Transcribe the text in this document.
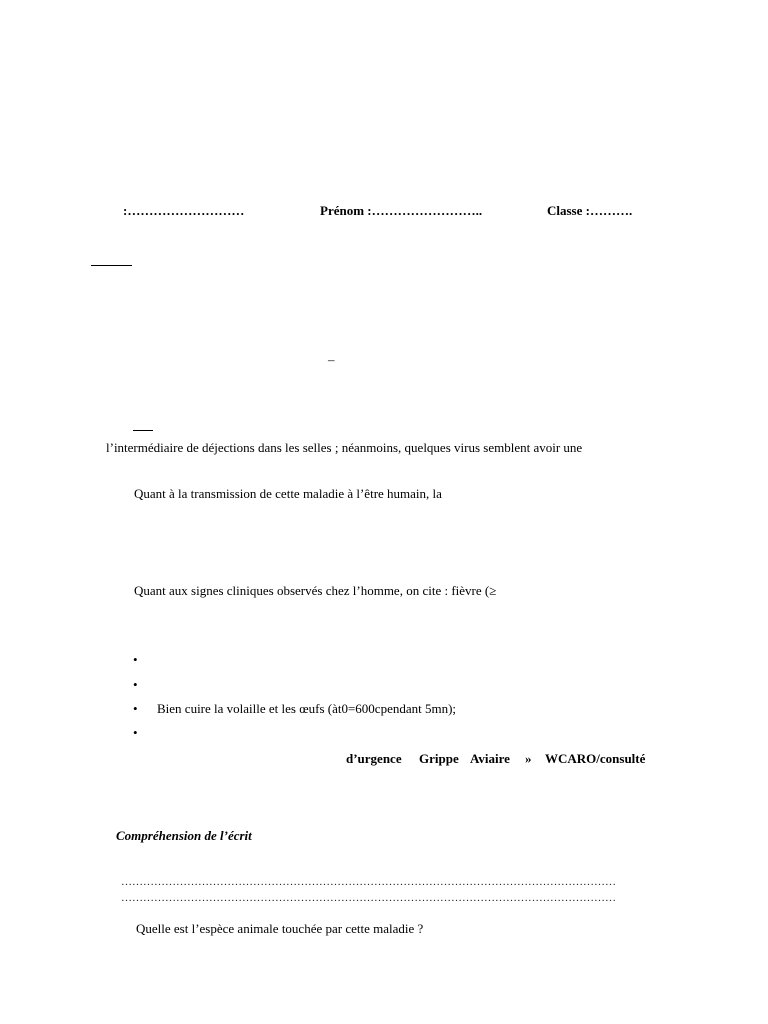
:………………………	Prénom :……………………..	Classe :……….
–
l’intermédiaire de déjections dans les selles ; néanmoins, quelques virus semblent avoir une
Quant à la transmission de cette maladie à l’être humain, la
Quant aux signes cliniques observés chez l’homme, on cite : fièvre (≥
•
•
• Bien cuire la volaille et les œufs (àt0=600cpendant 5mn);
•
d’urgence Grippe Aviaire » WCARO/consulté
Compréhension de l’écrit
………………………………………………………………………………………………………………………
………………………………………………………………………………………………………………………
Quelle est l’espèce animale touchée par cette maladie ?
